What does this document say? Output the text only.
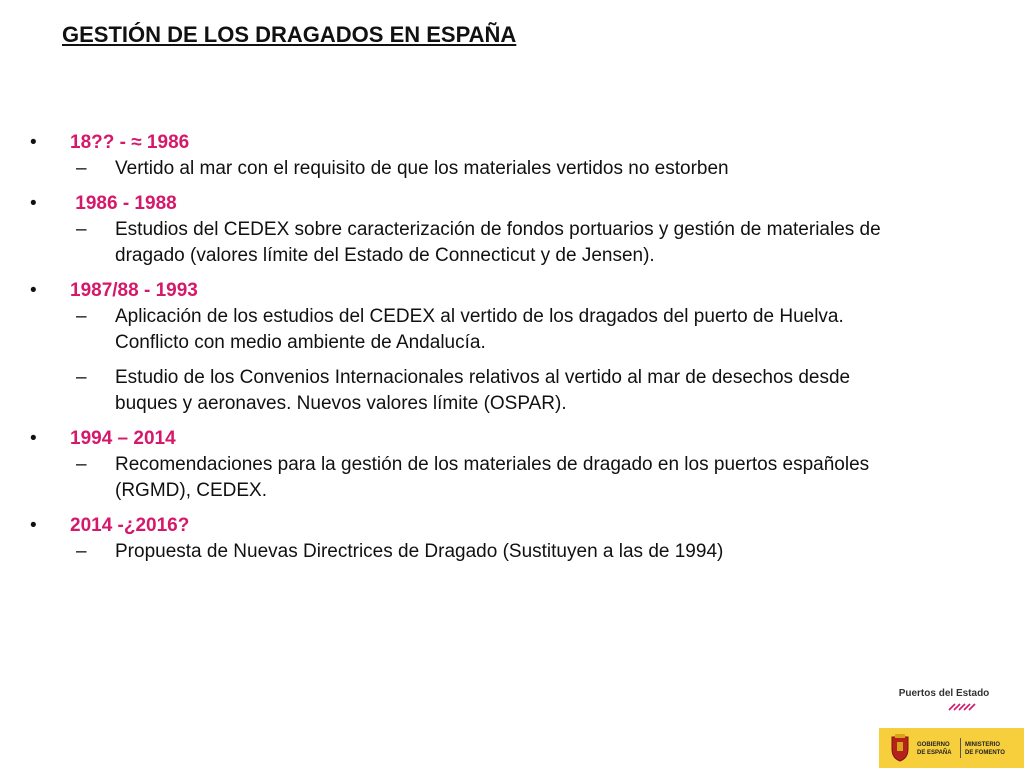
GESTIÓN DE LOS DRAGADOS EN ESPAÑA
• 18?? - ≈ 1986
– Vertido al mar con el requisito de que los materiales vertidos no estorben
• 1986 - 1988
– Estudios del CEDEX sobre caracterización de fondos portuarios y gestión de materiales de dragado (valores límite del Estado de Connecticut y de Jensen).
• 1987/88 - 1993
– Aplicación de los estudios del CEDEX al vertido de los dragados del puerto de Huelva. Conflicto con medio ambiente de Andalucía.
– Estudio de los Convenios Internacionales relativos al vertido al mar de desechos desde buques y aeronaves. Nuevos valores límite (OSPAR).
• 1994 – 2014
– Recomendaciones para la gestión de los materiales de dragado en los puertos españoles (RGMD), CEDEX.
• 2014 -¿2016?
– Propuesta de Nuevas Directrices de Dragado (Sustituyen a las de 1994)
Puertos del Estado
GOBIERNO DE ESPAÑA
MINISTERIO DE FOMENTO
